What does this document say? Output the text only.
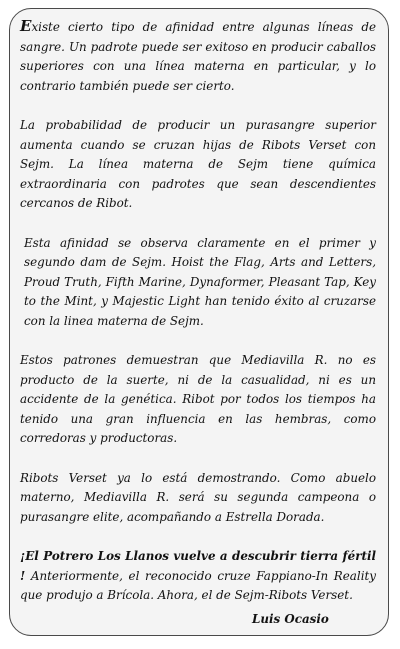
Existe cierto tipo de afinidad entre algunas líneas de sangre. Un padrote puede ser exitoso en producir caballos superiores con una línea materna en particular, y lo contrario también puede ser cierto.

La probabilidad de producir un purasangre superior aumenta cuando se cruzan hijas de Ribots Verset con Sejm. La línea materna de Sejm tiene química extraordinaria con padrotes que sean descendientes cercanos de Ribot.

Esta afinidad se observa claramente en el primer y segundo dam de Sejm. Hoist the Flag, Arts and Letters, Proud Truth, Fifth Marine, Dynaformer, Pleasant Tap, Key to the Mint, y Majestic Light han tenido éxito al cruzarse con la linea materna de Sejm.

Estos patrones demuestran que Mediavilla R. no es producto de la suerte, ni de la casualidad, ni es un accidente de la genética. Ribot por todos los tiempos ha tenido una gran influencia en las hembras, como corredoras y productoras.

Ribots Verset ya lo está demostrando. Como abuelo materno, Mediavilla R. será su segunda campeona o purasangre elite, acompañando a Estrella Dorada.

¡El Potrero Los Llanos vuelve a descubrir tierra fértil ! Anteriormente, el reconocido cruze Fappiano-In Reality que produjo a Brícola. Ahora, el de Sejm-Ribots Verset.

Luis Ocasio
